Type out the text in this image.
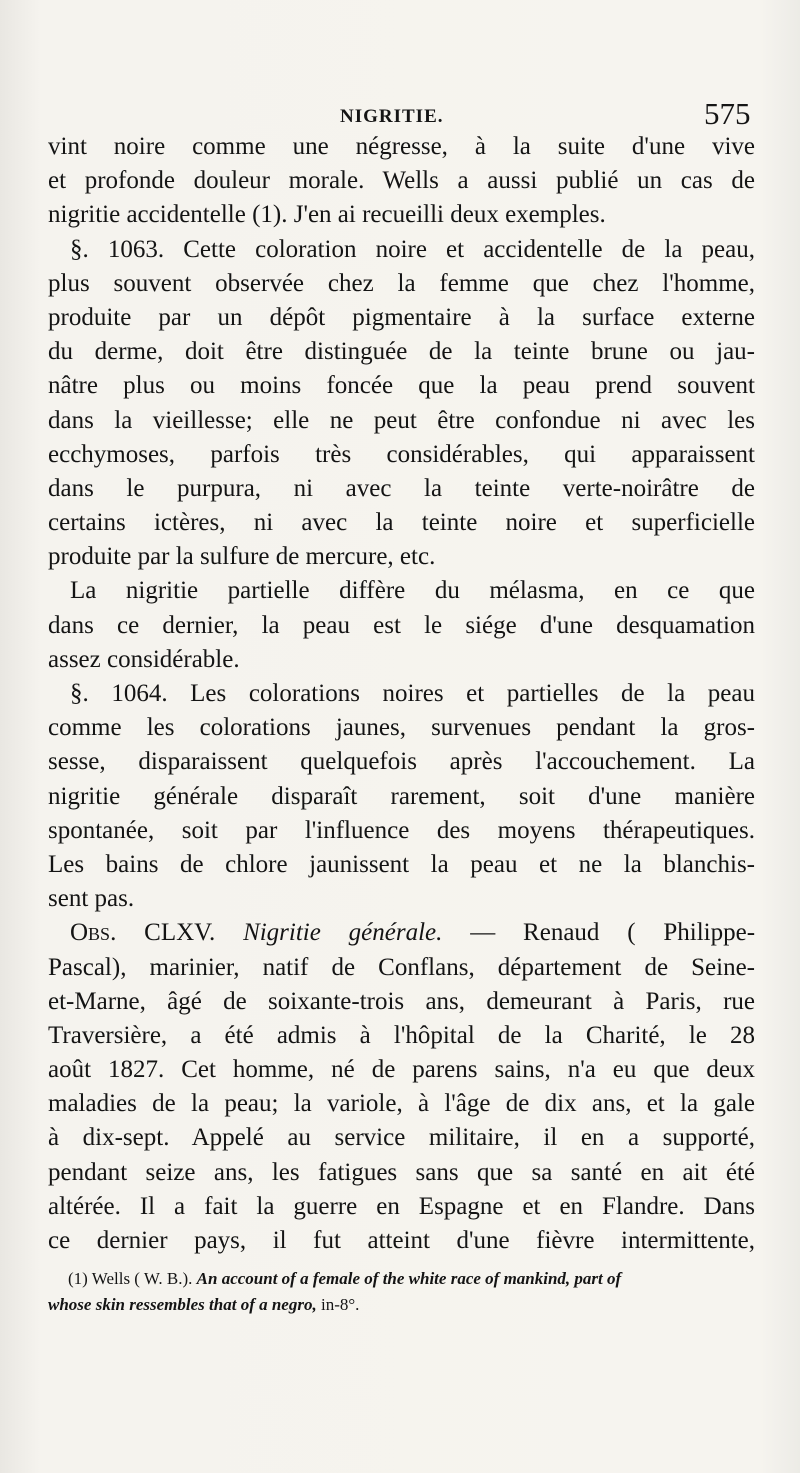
NIGRITIE.	575
vint noire comme une négresse, à la suite d'une vive
et profonde douleur morale. Wells a aussi publié un cas de
nigritie accidentelle (1). J'en ai recueilli deux exemples.
§. 1063. Cette coloration noire et accidentelle de la peau,
plus souvent observée chez la femme que chez l'homme,
produite par un dépôt pigmentaire à la surface externe
du derme, doit être distinguée de la teinte brune ou jau-
nâtre plus ou moins foncée que la peau prend souvent
dans la vieillesse; elle ne peut être confondue ni avec les
ecchymoses, parfois très considérables, qui apparaissent
dans le purpura, ni avec la teinte verte-noirâtre de
certains ictères, ni avec la teinte noire et superficielle
produite par la sulfure de mercure, etc.
La nigritie partielle diffère du mélasma, en ce que
dans ce dernier, la peau est le siége d'une desquamation
assez considérable.
§. 1064. Les colorations noires et partielles de la peau
comme les colorations jaunes, survenues pendant la gros-
sesse, disparaissent quelquefois après l'accouchement. La
nigritie générale disparaît rarement, soit d'une manière
spontanée, soit par l'influence des moyens thérapeutiques.
Les bains de chlore jaunissent la peau et ne la blanchis-
sent pas.
Obs. CLXV. Nigritie générale. — Renaud ( Philippe-
Pascal), marinier, natif de Conflans, département de Seine-
et-Marne, âgé de soixante-trois ans, demeurant à Paris, rue
Traversière, a été admis à l'hôpital de la Charité, le 28
août 1827. Cet homme, né de parens sains, n'a eu que deux
maladies de la peau; la variole, à l'âge de dix ans, et la gale
à dix-sept. Appelé au service militaire, il en a supporté,
pendant seize ans, les fatigues sans que sa santé en ait été
altérée. Il a fait la guerre en Espagne et en Flandre. Dans
ce dernier pays, il fut atteint d'une fièvre intermittente,
(1) Wells ( W. B.). An account of a female of the white race of mankind, part of
whose skin ressembles that of a negro, in-8°.
